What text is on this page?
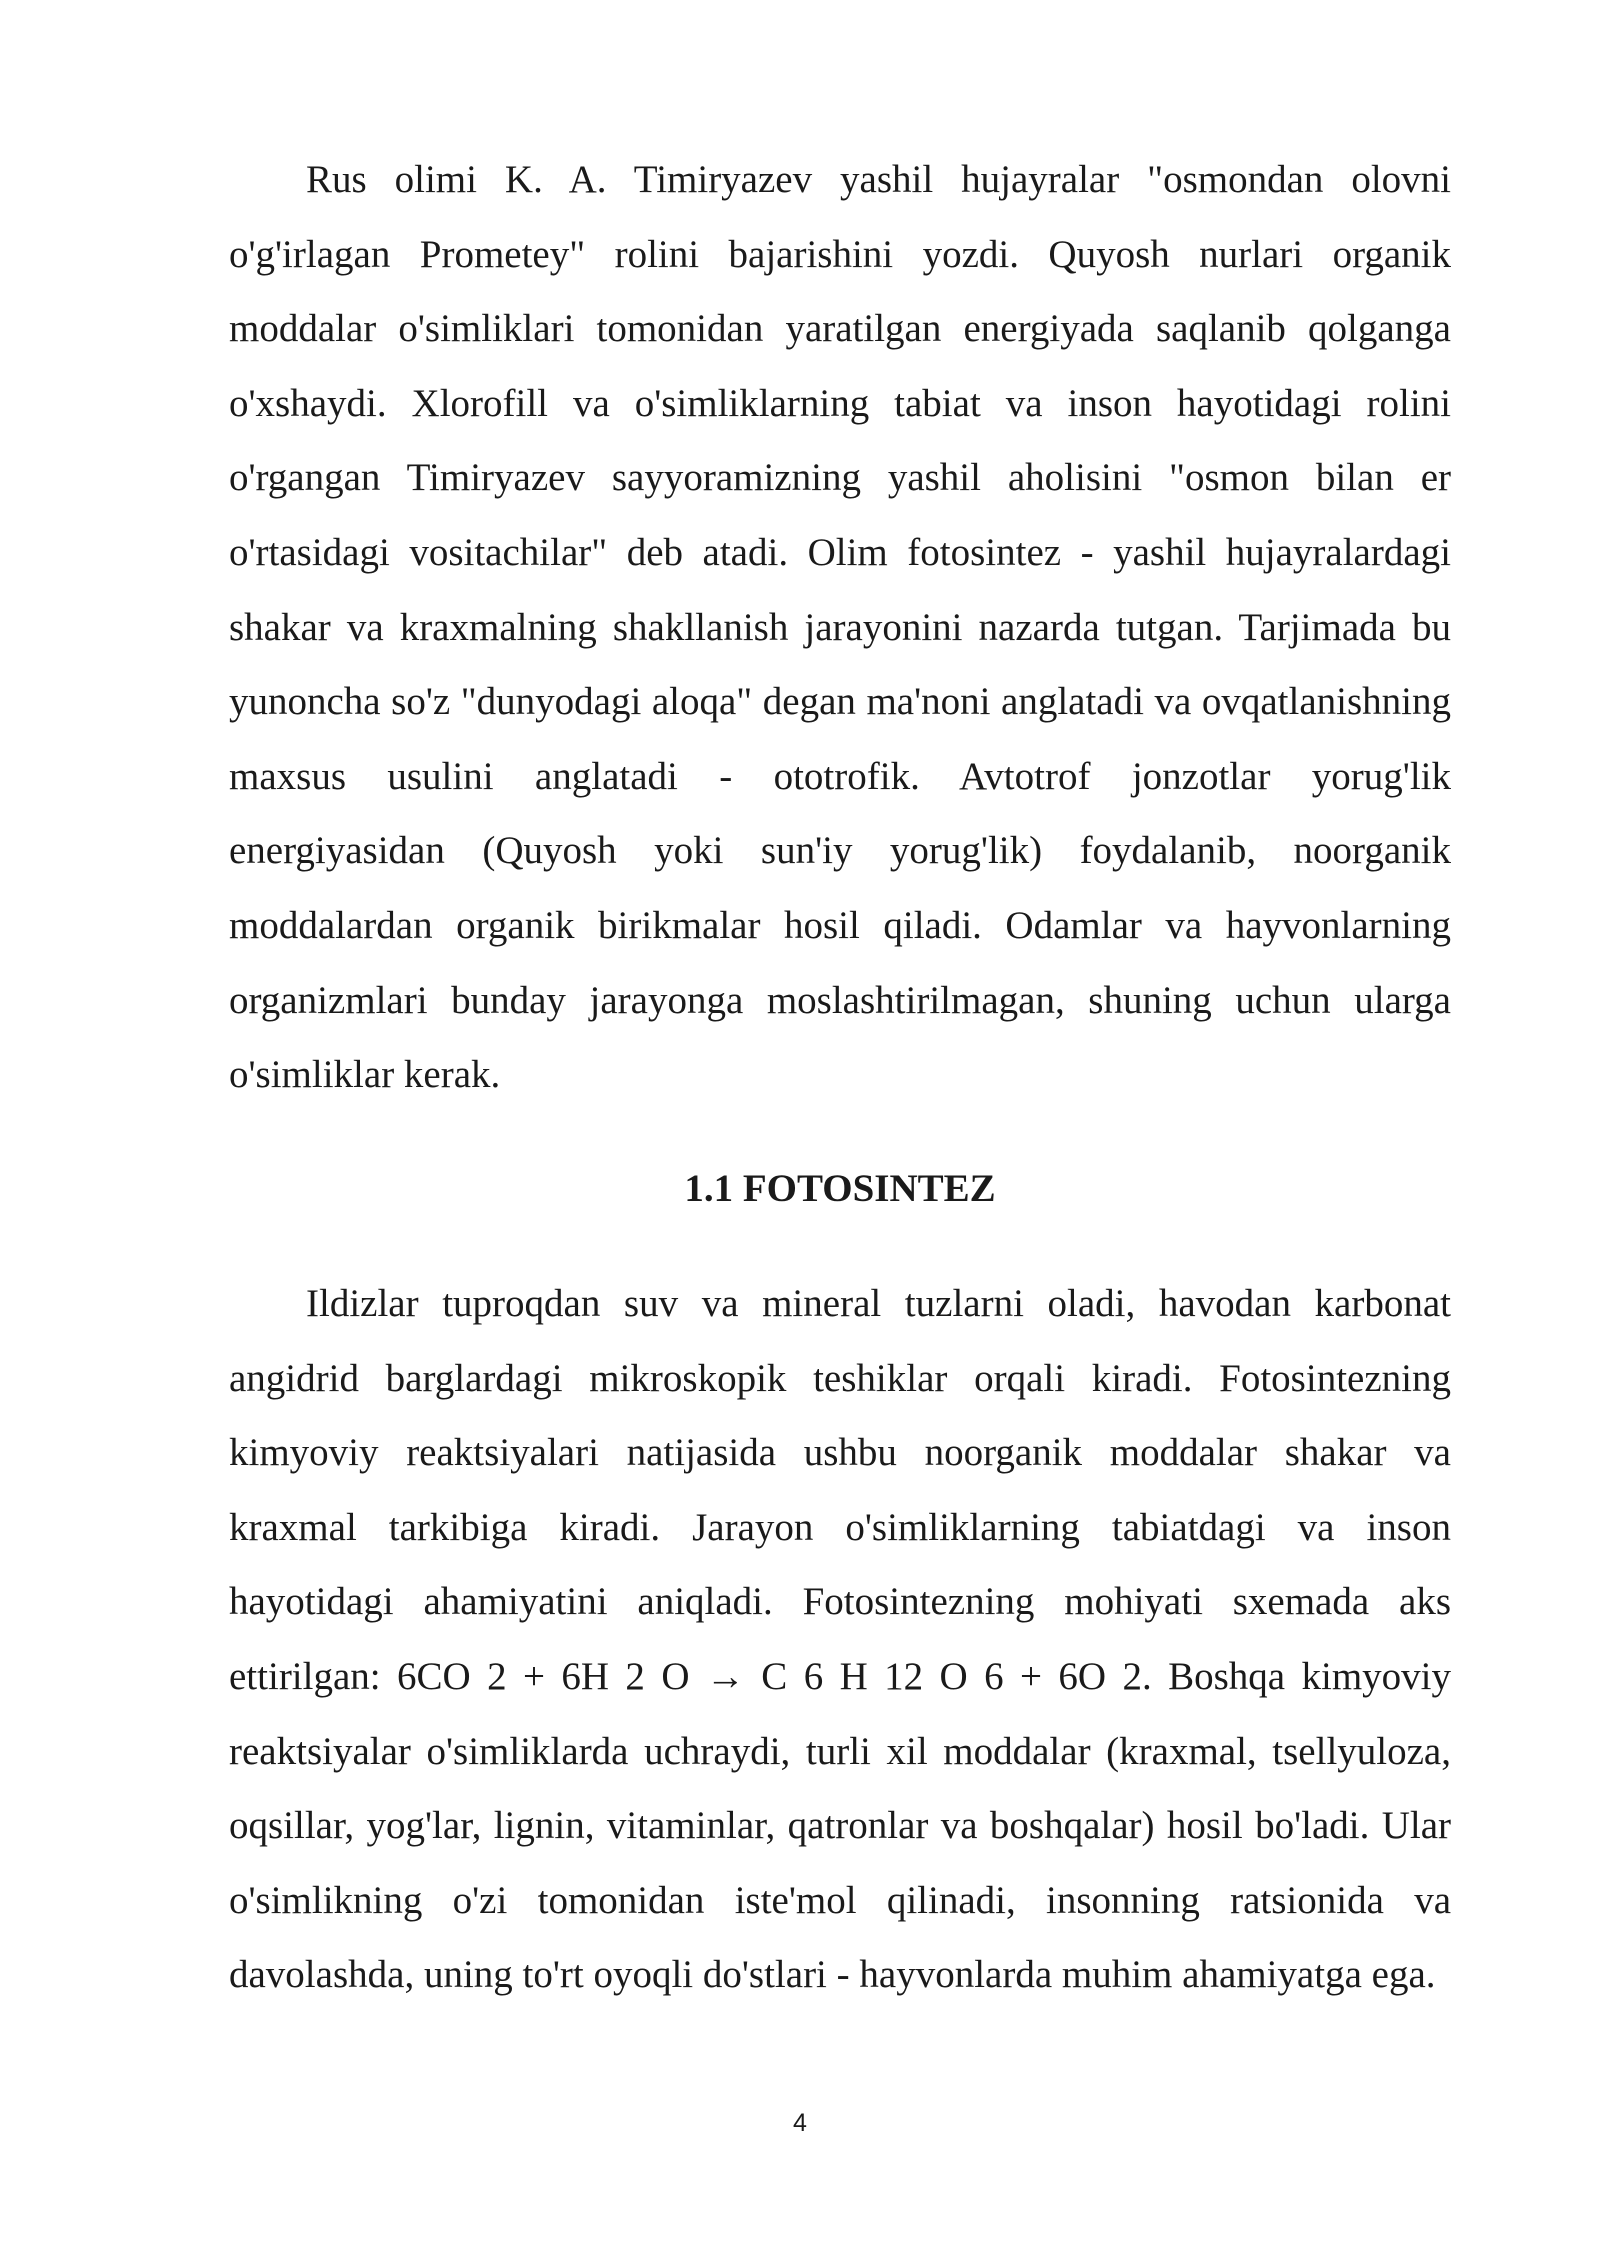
Rus olimi K. A. Timiryazev yashil hujayralar "osmondan olovni o'g'irlagan Prometey" rolini bajarishini yozdi. Quyosh nurlari organik moddalar o'simliklari tomonidan yaratilgan energiyada saqlanib qolganga o'xshaydi. Xlorofill va o'simliklarning tabiat va inson hayotidagi rolini o'rgangan Timiryazev sayyoramizning yashil aholisini "osmon bilan er o'rtasidagi vositachilar" deb atadi. Olim fotosintez - yashil hujayralardagi shakar va kraxmalning shakllanish jarayonini nazarda tutgan. Tarjimada bu yunoncha so'z "dunyodagi aloqa" degan ma'noni anglatadi va ovqatlanishning maxsus usulini anglatadi - ototrofik. Avtotrof jonzotlar yorug'lik energiyasidan (Quyosh yoki sun'iy yorug'lik) foydalanib, noorganik moddalardan organik birikmalar hosil qiladi. Odamlar va hayvonlarning organizmlari bunday jarayonga moslashtirilmagan, shuning uchun ularga o'simliklar kerak.

1.1 FOTOSINTEZ

Ildizlar tuproqdan suv va mineral tuzlarni oladi, havodan karbonat angidrid barglardagi mikroskopik teshiklar orqali kiradi. Fotosintezning kimyoviy reaktsiyalari natijasida ushbu noorganik moddalar shakar va kraxmal tarkibiga kiradi. Jarayon o'simliklarning tabiatdagi va inson hayotidagi ahamiyatini aniqladi. Fotosintezning mohiyati sxemada aks ettirilgan: 6CO 2 + 6H 2 O → C 6 H 12 O 6 + 6O 2. Boshqa kimyoviy reaktsiyalar o'simliklarda uchraydi, turli xil moddalar (kraxmal, tsellyuloza, oqsillar, yog'lar, lignin, vitaminlar, qatronlar va boshqalar) hosil bo'ladi. Ular o'simlikning o'zi tomonidan iste'mol qilinadi, insonning ratsionida va davolashda, uning to'rt oyoqli do'stlari - hayvonlarda muhim ahamiyatga ega.

4
